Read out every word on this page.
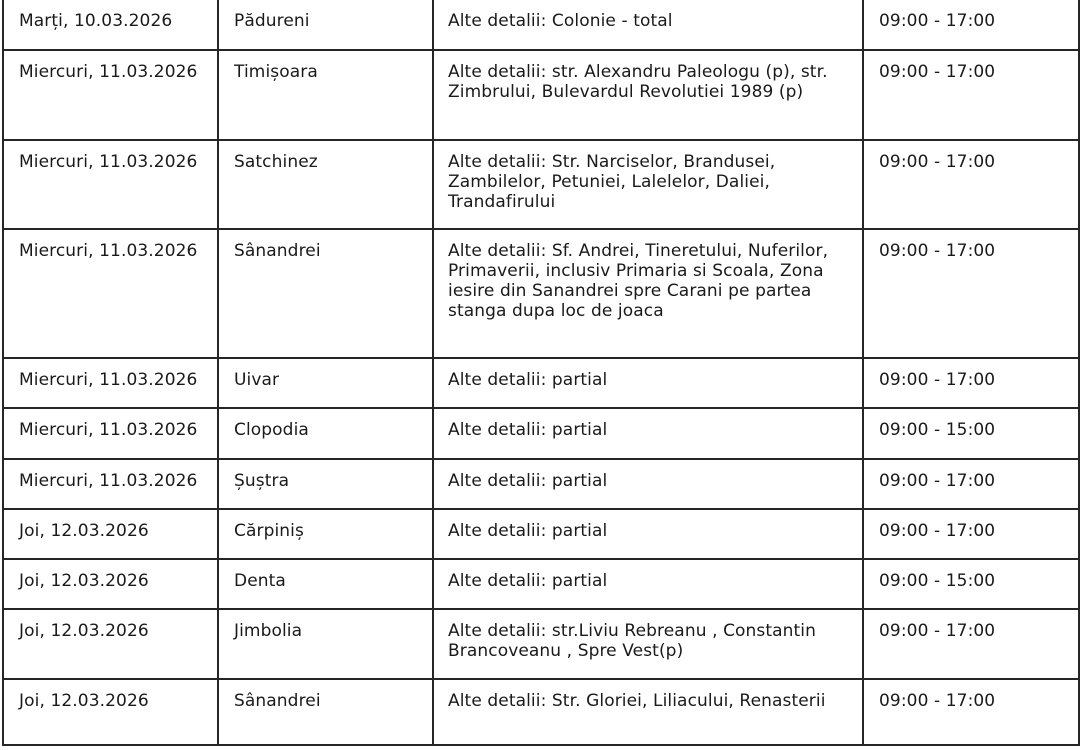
Marți, 10.03.2026	Pădureni	Alte detalii: Colonie - total	09:00 - 17:00
Miercuri, 11.03.2026	Timișoara	Alte detalii: str. Alexandru Paleologu (p), str. Zimbrului, Bulevardul Revolutiei 1989 (p)	09:00 - 17:00
Miercuri, 11.03.2026	Satchinez	Alte detalii: Str. Narciselor, Brandusei, Zambilelor, Petuniei, Lalelelor, Daliei, Trandafirului	09:00 - 17:00
Miercuri, 11.03.2026	Sânandrei	Alte detalii: Sf. Andrei, Tineretului, Nuferilor, Primaverii, inclusiv Primaria si Scoala, Zona iesire din Sanandrei spre Carani pe partea stanga dupa loc de joaca	09:00 - 17:00
Miercuri, 11.03.2026	Uivar	Alte detalii: partial	09:00 - 17:00
Miercuri, 11.03.2026	Clopodia	Alte detalii: partial	09:00 - 15:00
Miercuri, 11.03.2026	Șuștra	Alte detalii: partial	09:00 - 17:00
Joi, 12.03.2026	Cărpiniș	Alte detalii: partial	09:00 - 17:00
Joi, 12.03.2026	Denta	Alte detalii: partial	09:00 - 15:00
Joi, 12.03.2026	Jimbolia	Alte detalii: str.Liviu Rebreanu , Constantin Brancoveanu , Spre Vest(p)	09:00 - 17:00
Joi, 12.03.2026	Sânandrei	Alte detalii: Str. Gloriei, Liliacului, Renasterii	09:00 - 17:00
